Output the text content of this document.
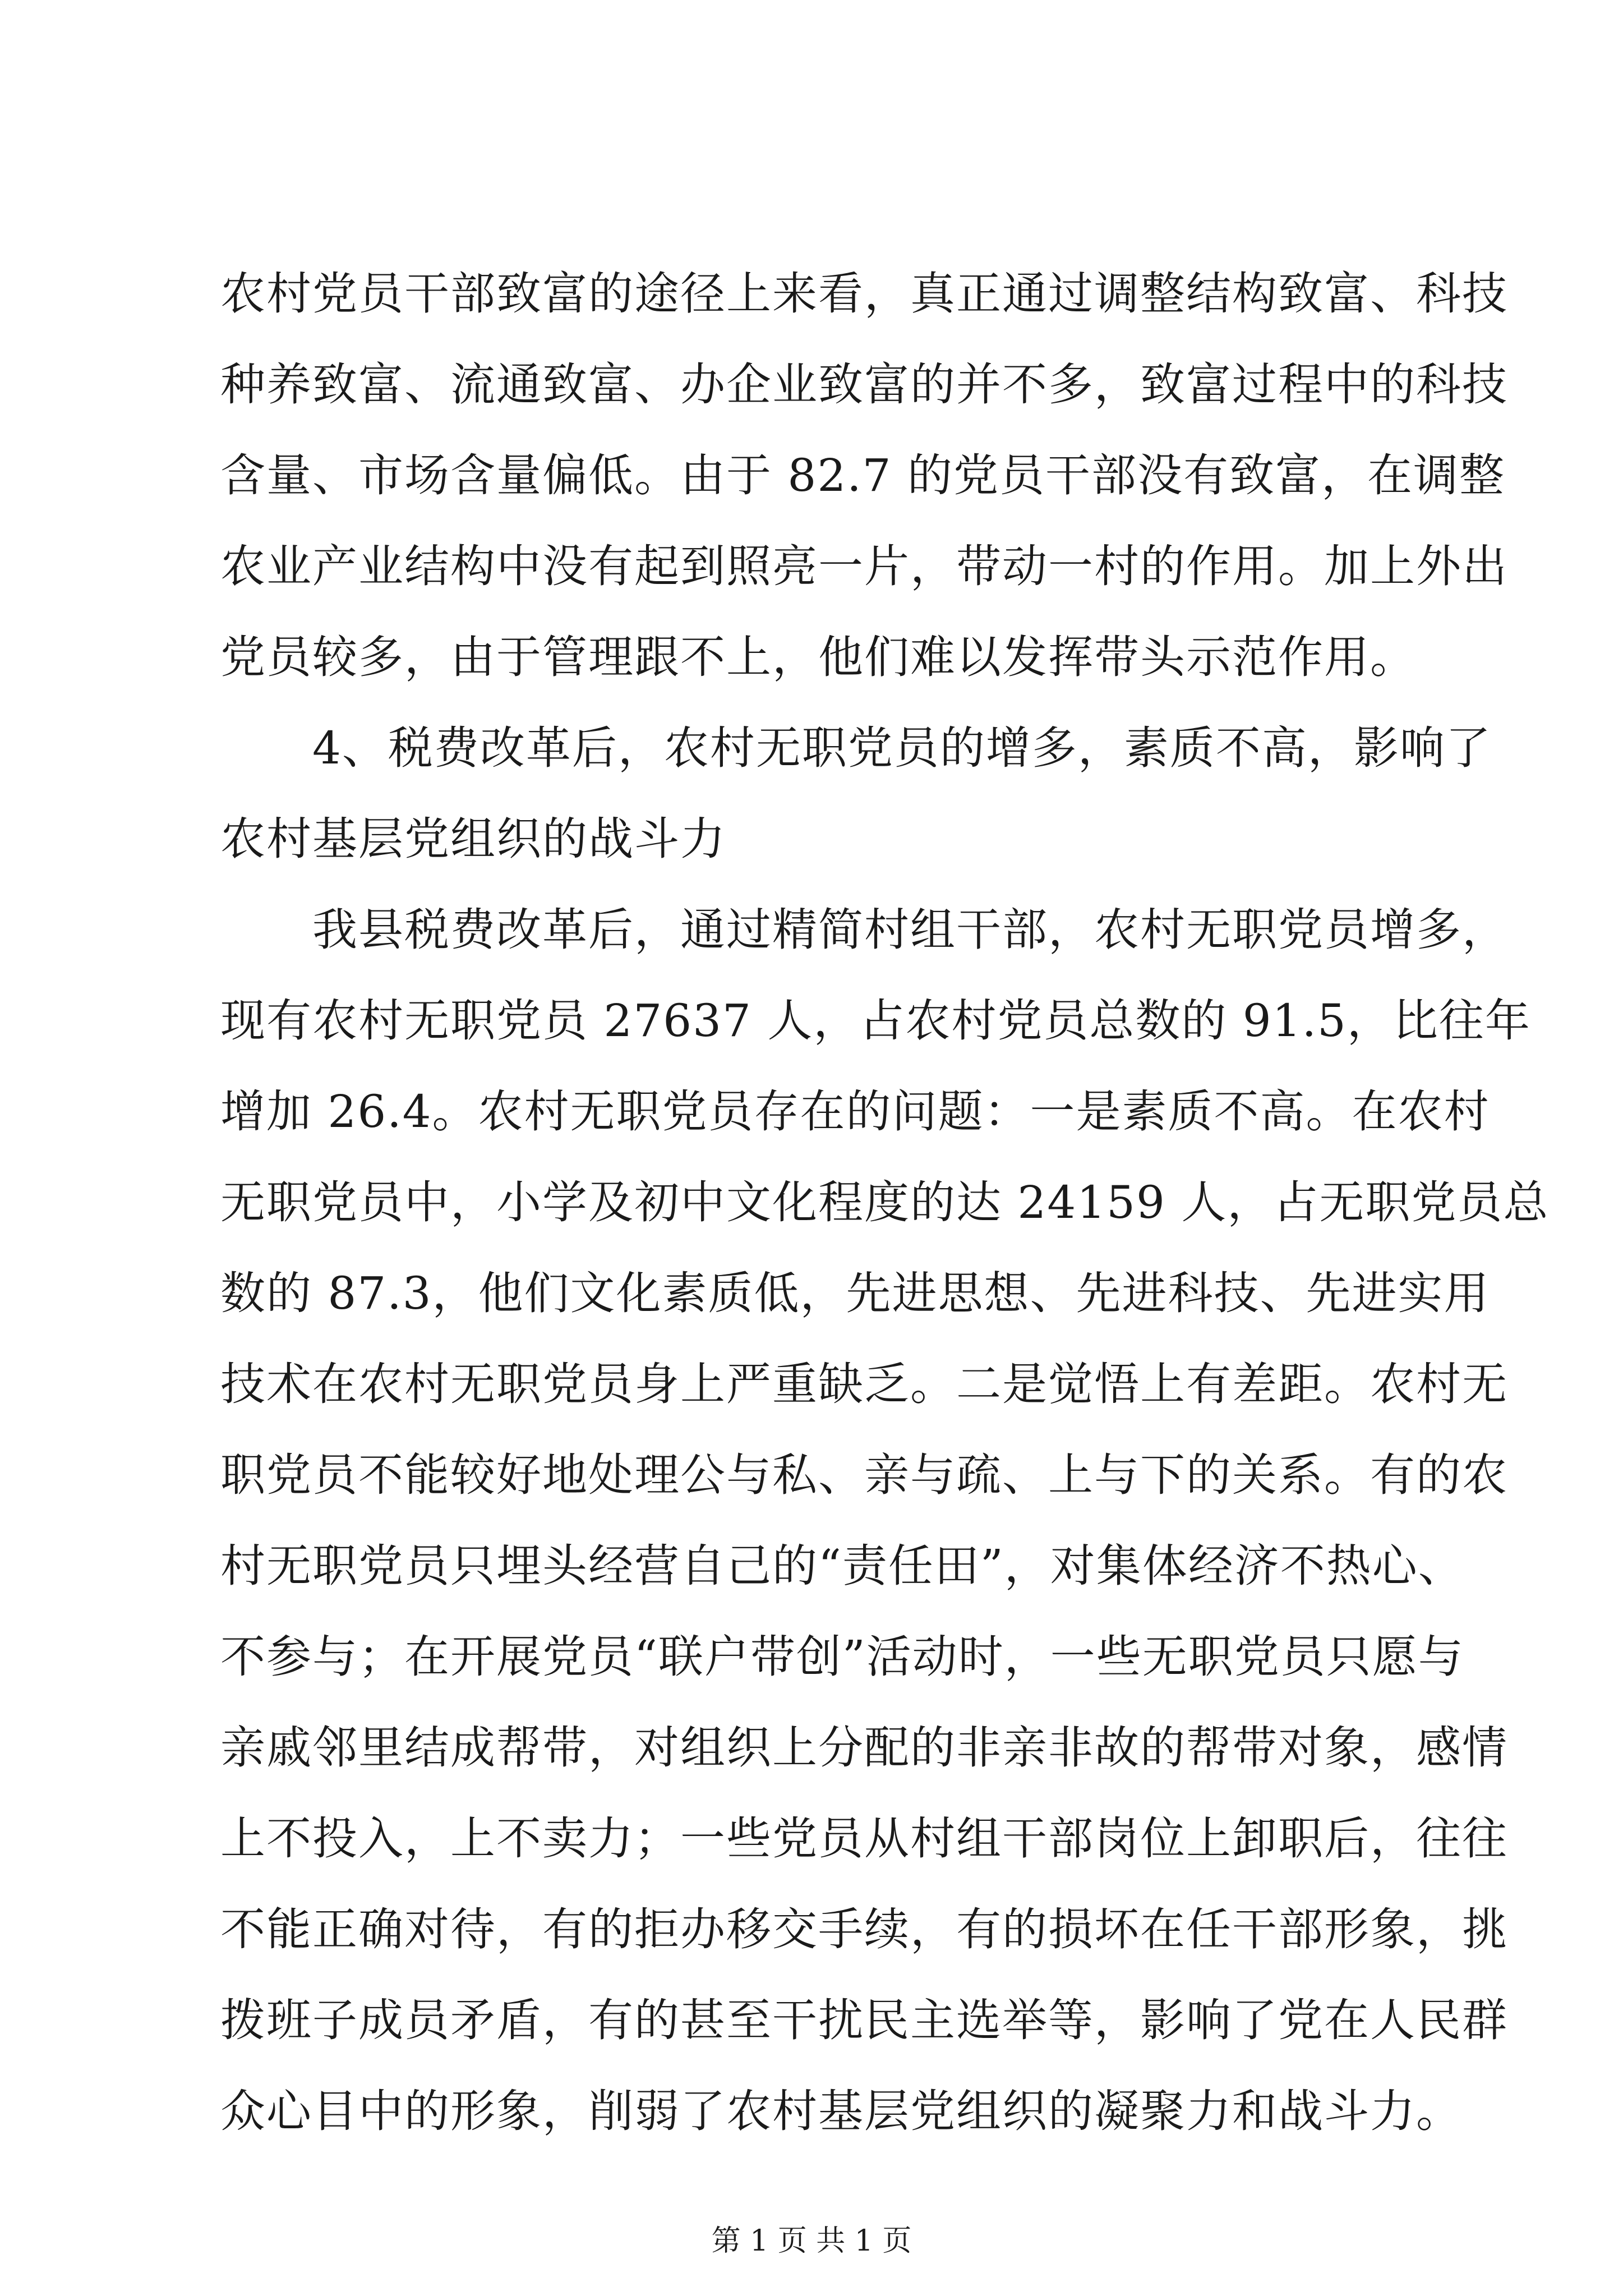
农村党员干部致富的途径上来看，真正通过调整结构致富、科技
种养致富、流通致富、办企业致富的并不多，致富过程中的科技
含量、市场含量偏低。由于 82.7 的党员干部没有致富，在调整
农业产业结构中没有起到照亮一片，带动一村的作用。加上外出
党员较多，由于管理跟不上，他们难以发挥带头示范作用。
　　4、税费改革后，农村无职党员的增多，素质不高，影响了
农村基层党组织的战斗力
　　我县税费改革后，通过精简村组干部，农村无职党员增多，
现有农村无职党员 27637 人，占农村党员总数的 91.5，比往年
增加 26.4。农村无职党员存在的问题：一是素质不高。在农村
无职党员中，小学及初中文化程度的达 24159 人，占无职党员总
数的 87.3，他们文化素质低，先进思想、先进科技、先进实用
技术在农村无职党员身上严重缺乏。二是觉悟上有差距。农村无
职党员不能较好地处理公与私、亲与疏、上与下的关系。有的农
村无职党员只埋头经营自己的“责任田”，对集体经济不热心、
不参与；在开展党员“联户带创”活动时，一些无职党员只愿与
亲戚邻里结成帮带，对组织上分配的非亲非故的帮带对象，感情
上不投入，上不卖力；一些党员从村组干部岗位上卸职后，往往
不能正确对待，有的拒办移交手续，有的损坏在任干部形象，挑
拨班子成员矛盾，有的甚至干扰民主选举等，影响了党在人民群
众心目中的形象，削弱了农村基层党组织的凝聚力和战斗力。
第 1 页 共 1 页
